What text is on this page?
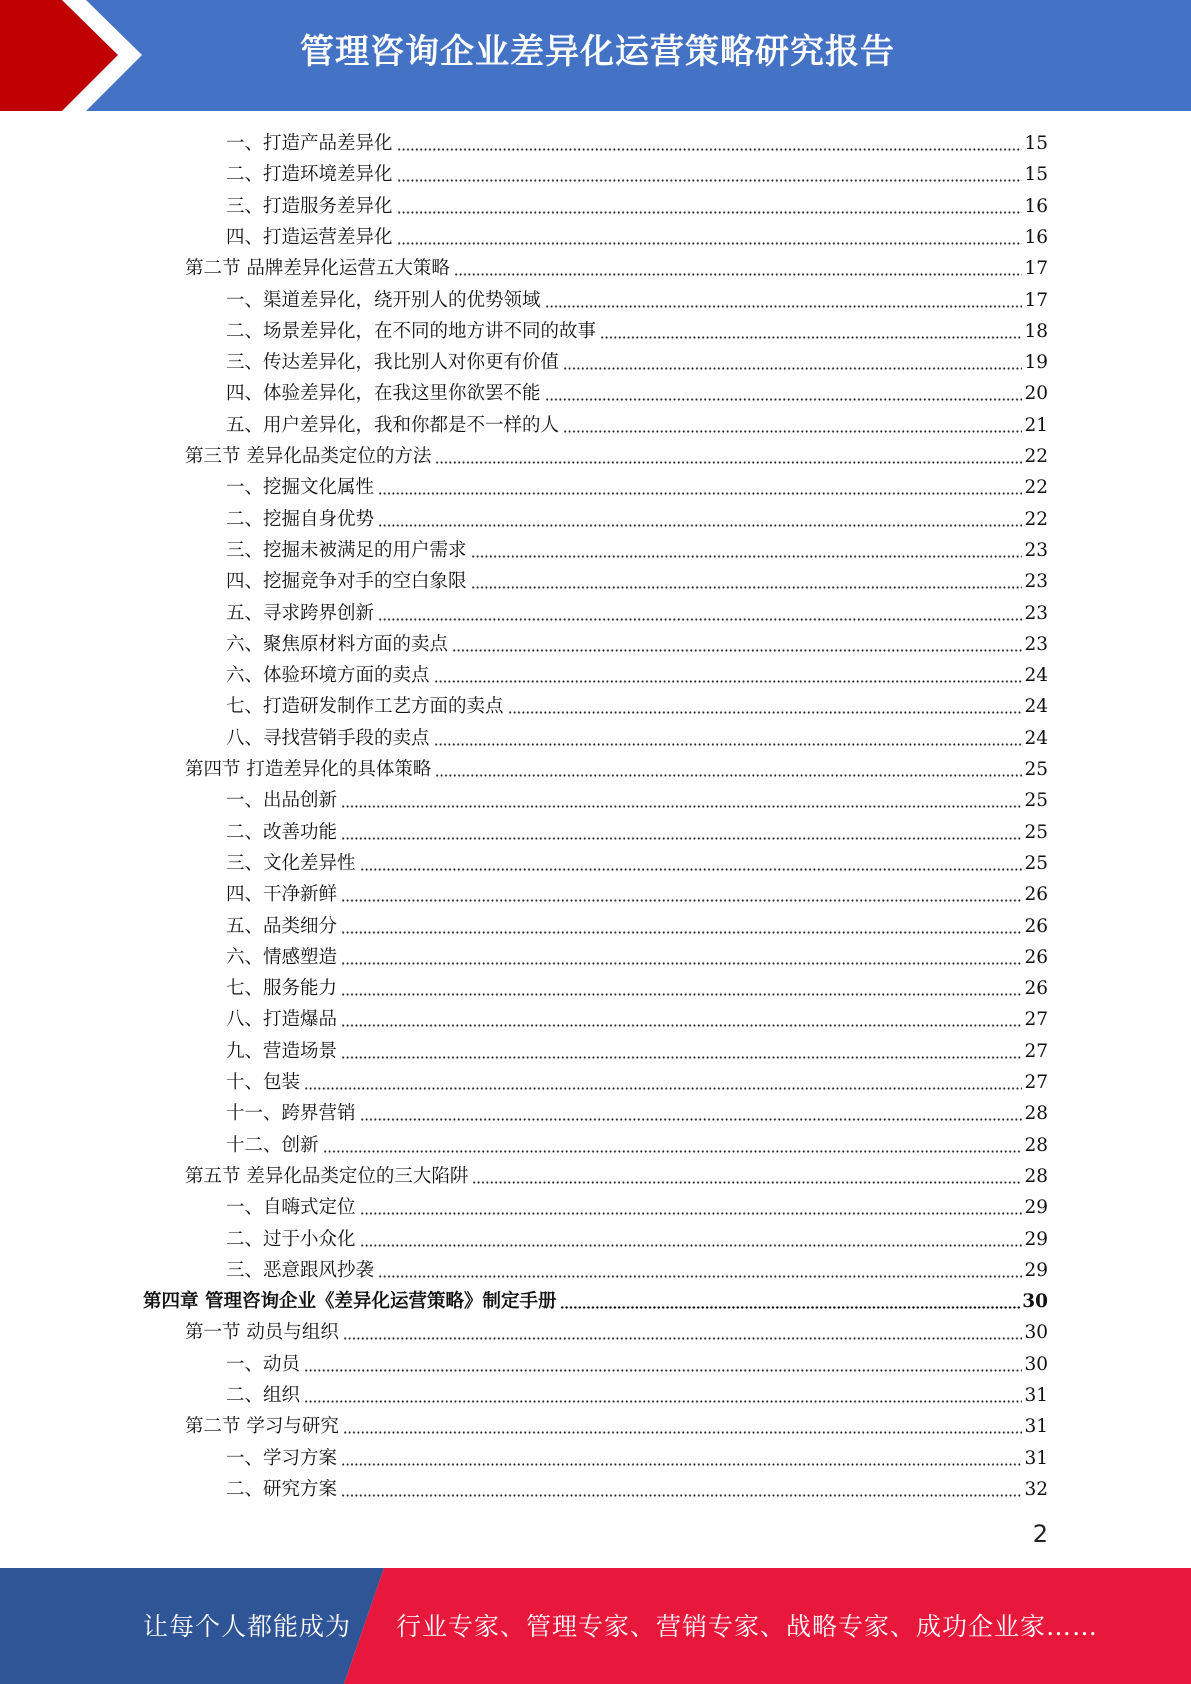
管理咨询企业差异化运营策略研究报告
一、打造产品差异化	15
二、打造环境差异化	15
三、打造服务差异化	16
四、打造运营差异化	16
第二节 品牌差异化运营五大策略	17
一、渠道差异化，绕开别人的优势领域	17
二、场景差异化，在不同的地方讲不同的故事	18
三、传达差异化，我比别人对你更有价值	19
四、体验差异化，在我这里你欲罢不能	20
五、用户差异化，我和你都是不一样的人	21
第三节 差异化品类定位的方法	22
一、挖掘文化属性	22
二、挖掘自身优势	22
三、挖掘未被满足的用户需求	23
四、挖掘竞争对手的空白象限	23
五、寻求跨界创新	23
六、聚焦原材料方面的卖点	23
六、体验环境方面的卖点	24
七、打造研发制作工艺方面的卖点	24
八、寻找营销手段的卖点	24
第四节 打造差异化的具体策略	25
一、出品创新	25
二、改善功能	25
三、文化差异性	25
四、干净新鲜	26
五、品类细分	26
六、情感塑造	26
七、服务能力	26
八、打造爆品	27
九、营造场景	27
十、包装	27
十一、跨界营销	28
十二、创新	28
第五节 差异化品类定位的三大陷阱	28
一、自嗨式定位	29
二、过于小众化	29
三、恶意跟风抄袭	29
第四章 管理咨询企业《差异化运营策略》制定手册	30
第一节 动员与组织	30
一、动员	30
二、组织	31
第二节 学习与研究	31
一、学习方案	31
二、研究方案	32
2
让每个人都能成为 行业专家、管理专家、营销专家、战略专家、成功企业家……
